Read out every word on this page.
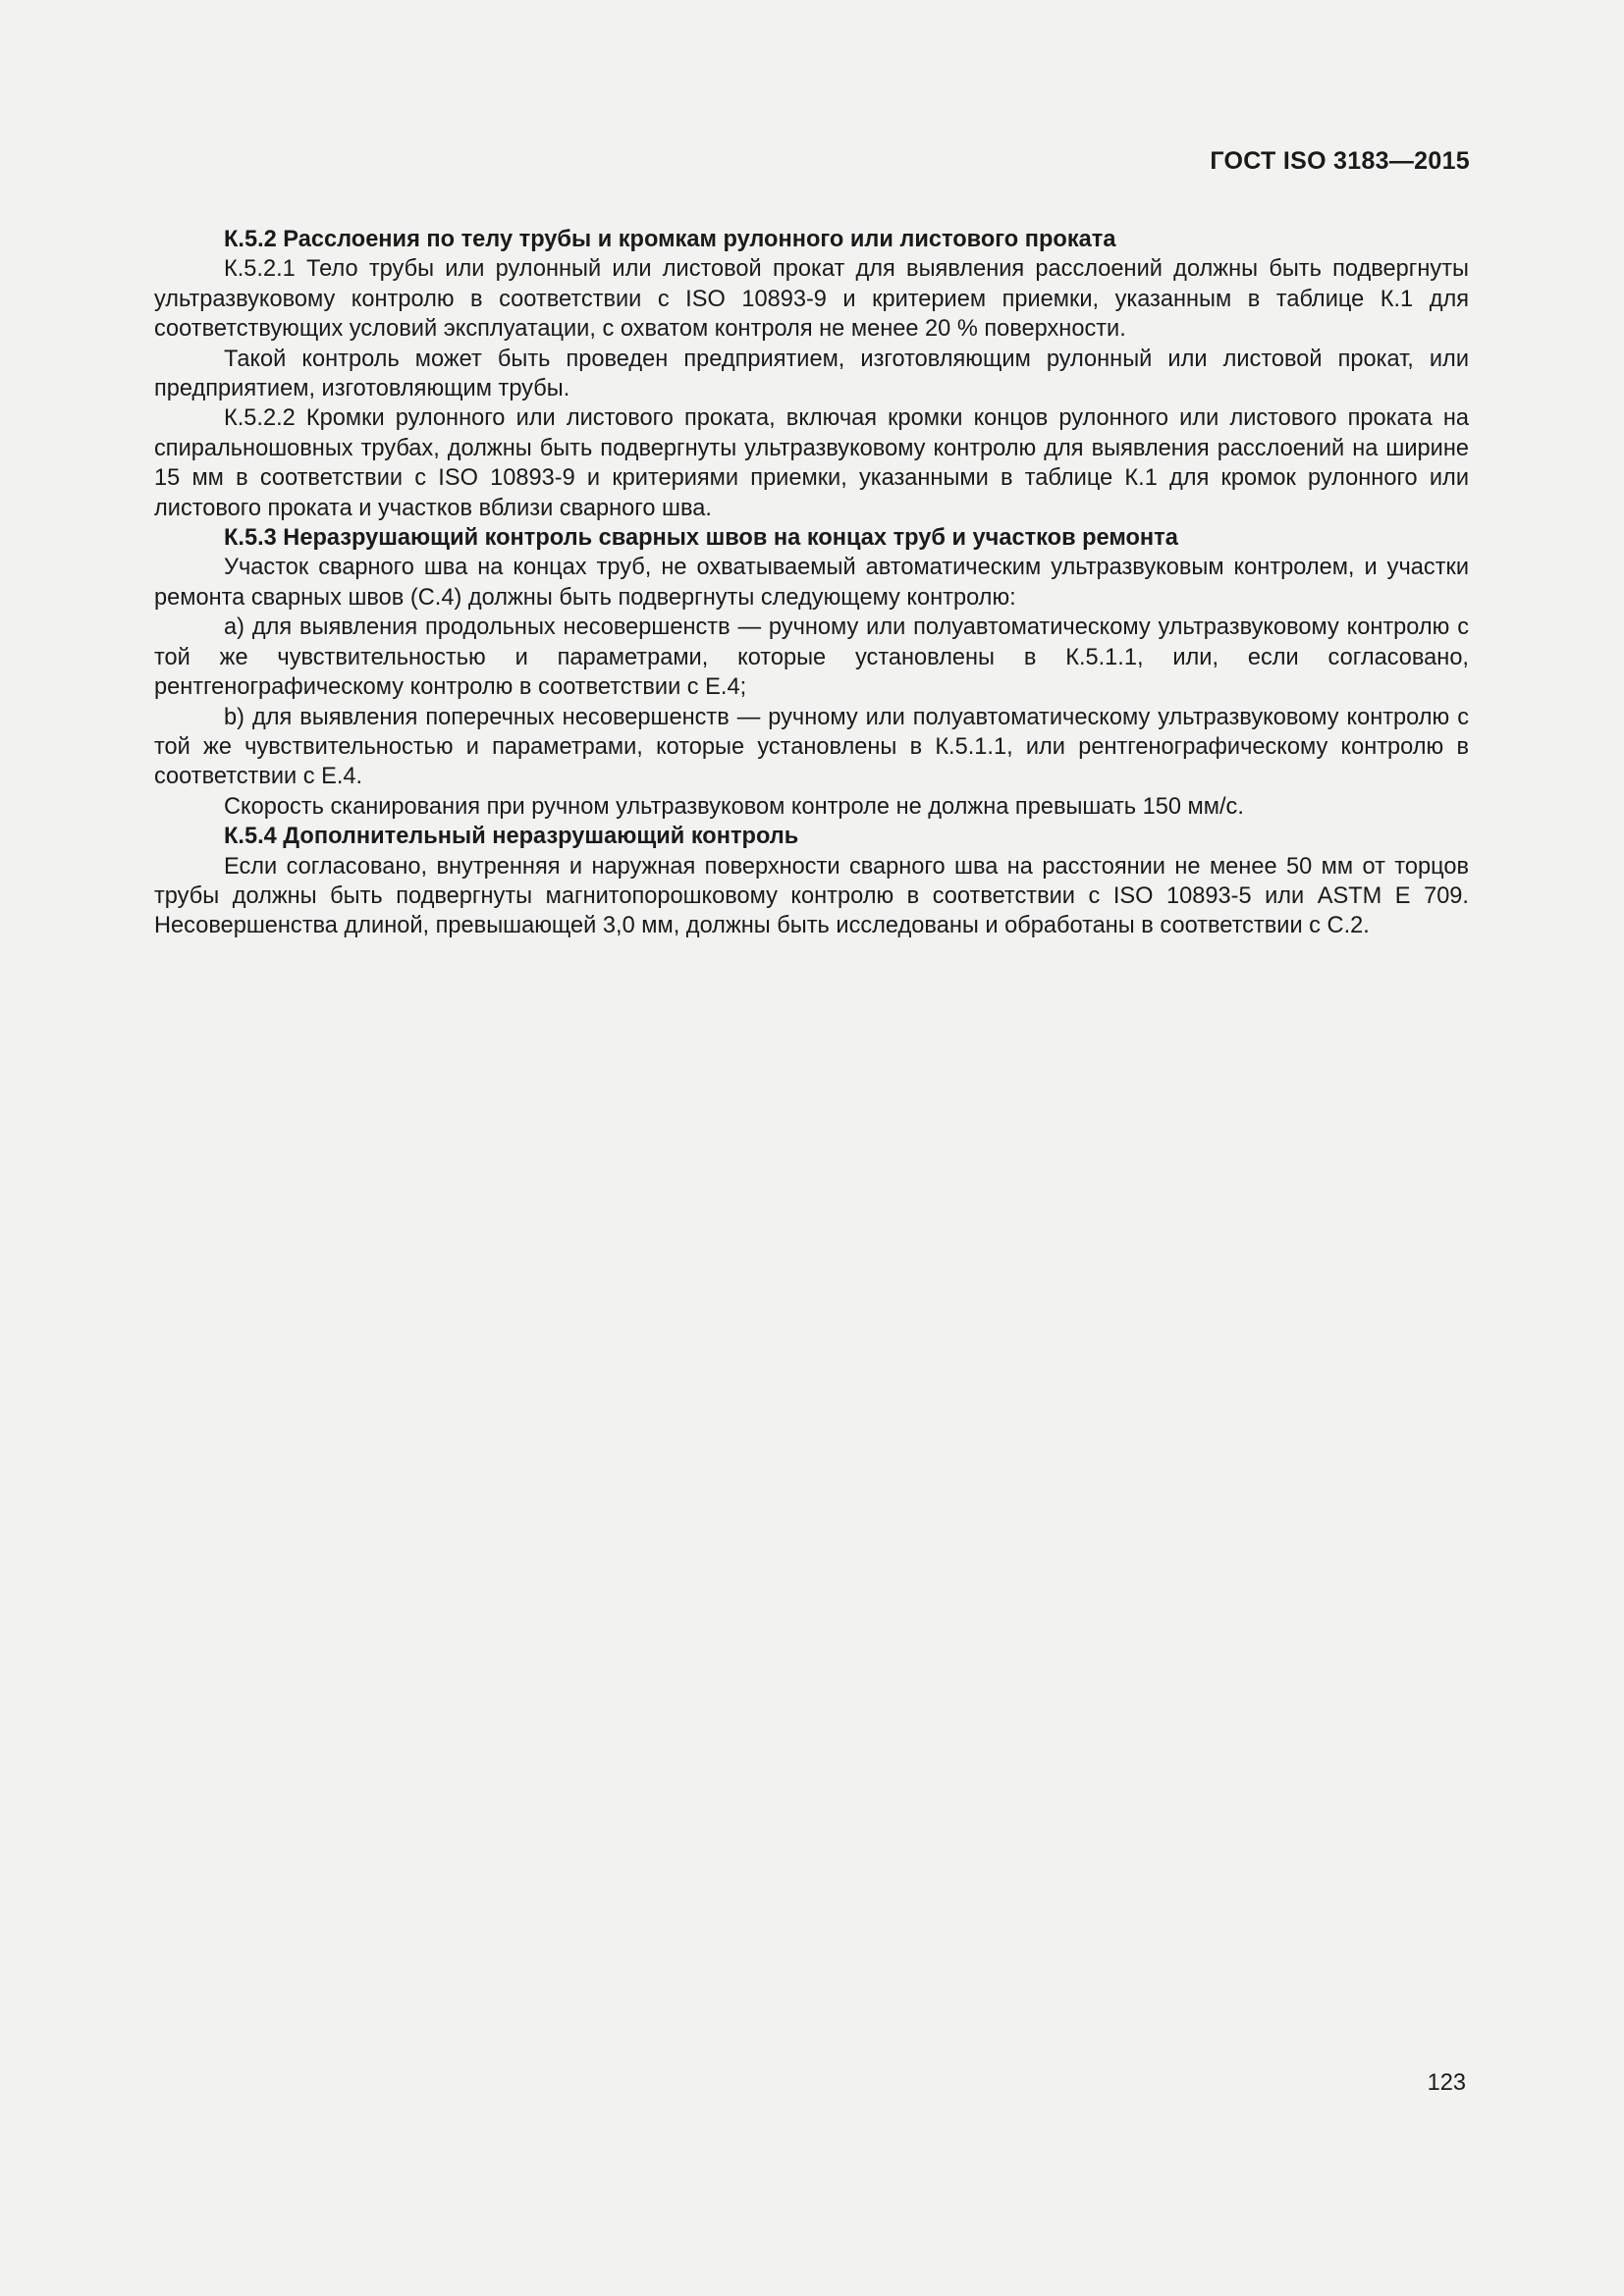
ГОСТ ISO 3183—2015

К.5.2 Расслоения по телу трубы и кромкам рулонного или листового проката

К.5.2.1 Тело трубы или рулонный или листовой прокат для выявления расслоений должны быть подвергнуты ультразвуковому контролю в соответствии с ISO 10893-9 и критерием приемки, указанным в таблице К.1 для соответствующих условий эксплуатации, с охватом контроля не менее 20 % поверхности.

Такой контроль может быть проведен предприятием, изготовляющим рулонный или листовой прокат, или предприятием, изготовляющим трубы.

К.5.2.2 Кромки рулонного или листового проката, включая кромки концов рулонного или листового проката на спиральношовных трубах, должны быть подвергнуты ультразвуковому контролю для выявления расслоений на ширине 15 мм в соответствии с ISO 10893-9 и критериями приемки, указанными в таблице К.1 для кромок рулонного или листового проката и участков вблизи сварного шва.

К.5.3 Неразрушающий контроль сварных швов на концах труб и участков ремонта

Участок сварного шва на концах труб, не охватываемый автоматическим ультразвуковым контролем, и участки ремонта сварных швов (С.4) должны быть подвергнуты следующему контролю:

a) для выявления продольных несовершенств — ручному или полуавтоматическому ультразвуковому контролю с той же чувствительностью и параметрами, которые установлены в К.5.1.1, или, если согласовано, рентгенографическому контролю в соответствии с Е.4;

b) для выявления поперечных несовершенств — ручному или полуавтоматическому ультразвуковому контролю с той же чувствительностью и параметрами, которые установлены в К.5.1.1, или рентгенографическому контролю в соответствии с Е.4.

Скорость сканирования при ручном ультразвуковом контроле не должна превышать 150 мм/с.

К.5.4 Дополнительный неразрушающий контроль

Если согласовано, внутренняя и наружная поверхности сварного шва на расстоянии не менее 50 мм от торцов трубы должны быть подвергнуты магнитопорошковому контролю в соответствии с ISO 10893-5 или ASTM E 709. Несовершенства длиной, превышающей 3,0 мм, должны быть исследованы и обработаны в соответствии с С.2.

123
